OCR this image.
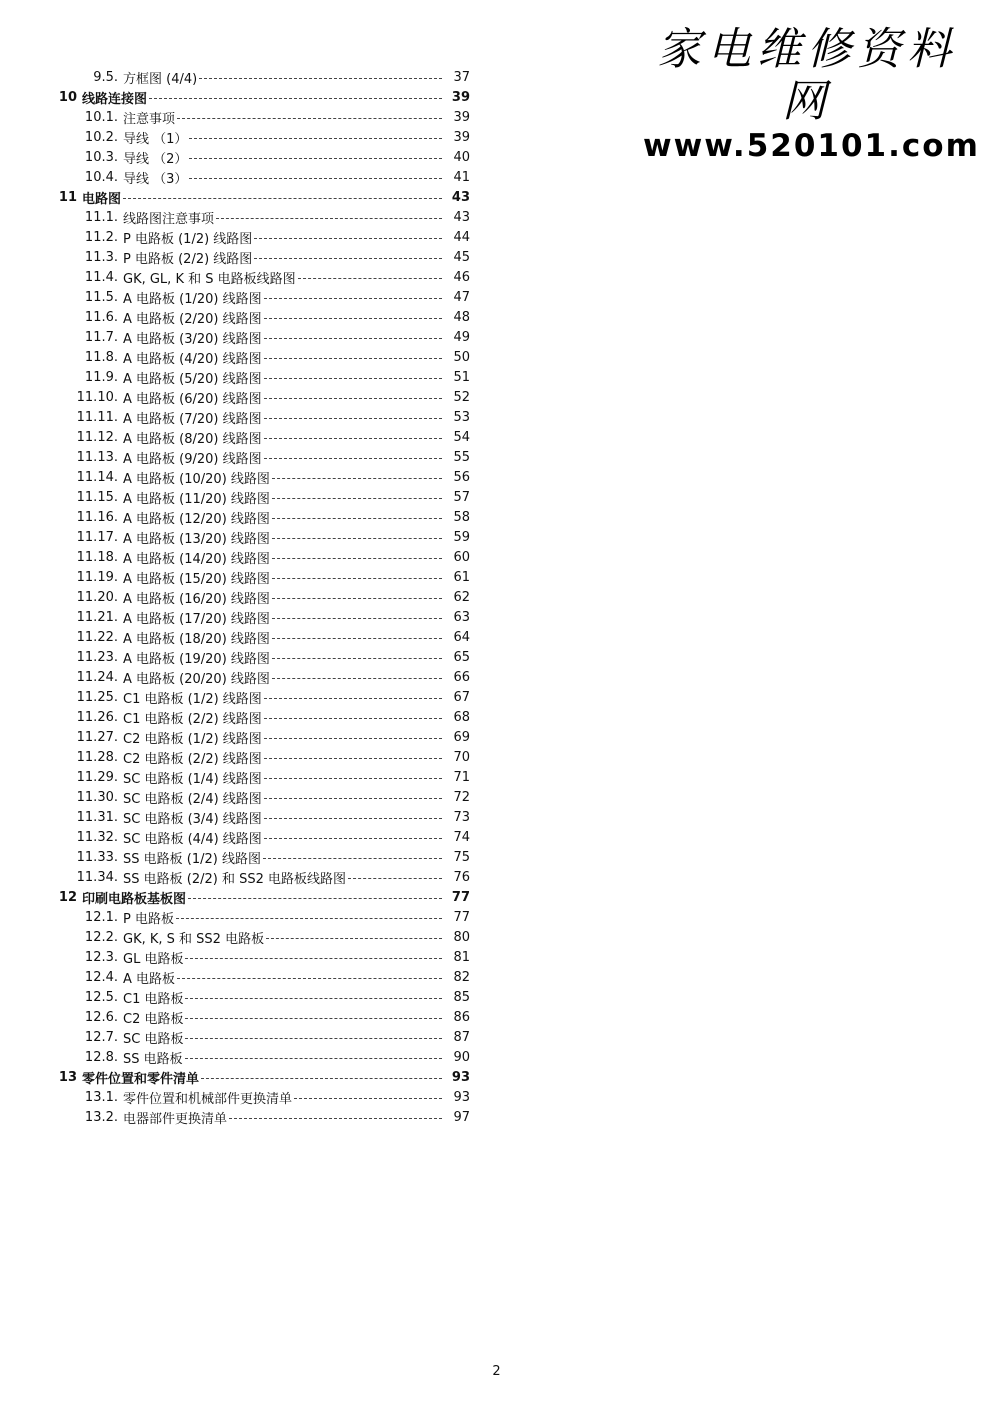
家电维修资料网
www.520101.com
9.5. 方框图 (4/4)	37
10 线路连接图	39
10.1. 注意事项	39
10.2. 导线 （1）	39
10.3. 导线 （2）	40
10.4. 导线 （3）	41
11 电路图	43
11.1. 线路图注意事项	43
11.2. P 电路板 (1/2) 线路图	44
11.3. P 电路板 (2/2) 线路图	45
11.4. GK, GL, K 和 S 电路板线路图	46
11.5. A 电路板 (1/20) 线路图	47
11.6. A 电路板 (2/20) 线路图	48
11.7. A 电路板 (3/20) 线路图	49
11.8. A 电路板 (4/20) 线路图	50
11.9. A 电路板 (5/20) 线路图	51
11.10. A 电路板 (6/20) 线路图	52
11.11. A 电路板 (7/20) 线路图	53
11.12. A 电路板 (8/20) 线路图	54
11.13. A 电路板 (9/20) 线路图	55
11.14. A 电路板 (10/20) 线路图	56
11.15. A 电路板 (11/20) 线路图	57
11.16. A 电路板 (12/20) 线路图	58
11.17. A 电路板 (13/20) 线路图	59
11.18. A 电路板 (14/20) 线路图	60
11.19. A 电路板 (15/20) 线路图	61
11.20. A 电路板 (16/20) 线路图	62
11.21. A 电路板 (17/20) 线路图	63
11.22. A 电路板 (18/20) 线路图	64
11.23. A 电路板 (19/20) 线路图	65
11.24. A 电路板 (20/20) 线路图	66
11.25. C1 电路板 (1/2) 线路图	67
11.26. C1 电路板 (2/2) 线路图	68
11.27. C2 电路板 (1/2) 线路图	69
11.28. C2 电路板 (2/2) 线路图	70
11.29. SC 电路板 (1/4) 线路图	71
11.30. SC 电路板 (2/4) 线路图	72
11.31. SC 电路板 (3/4) 线路图	73
11.32. SC 电路板 (4/4) 线路图	74
11.33. SS 电路板 (1/2) 线路图	75
11.34. SS 电路板 (2/2) 和 SS2 电路板线路图	76
12 印刷电路板基板图	77
12.1. P 电路板	77
12.2. GK, K, S 和 SS2 电路板	80
12.3. GL 电路板	81
12.4. A 电路板	82
12.5. C1 电路板	85
12.6. C2 电路板	86
12.7. SC 电路板	87
12.8. SS 电路板	90
13 零件位置和零件清单	93
13.1. 零件位置和机械部件更换清单	93
13.2. 电器部件更换清单	97
2
